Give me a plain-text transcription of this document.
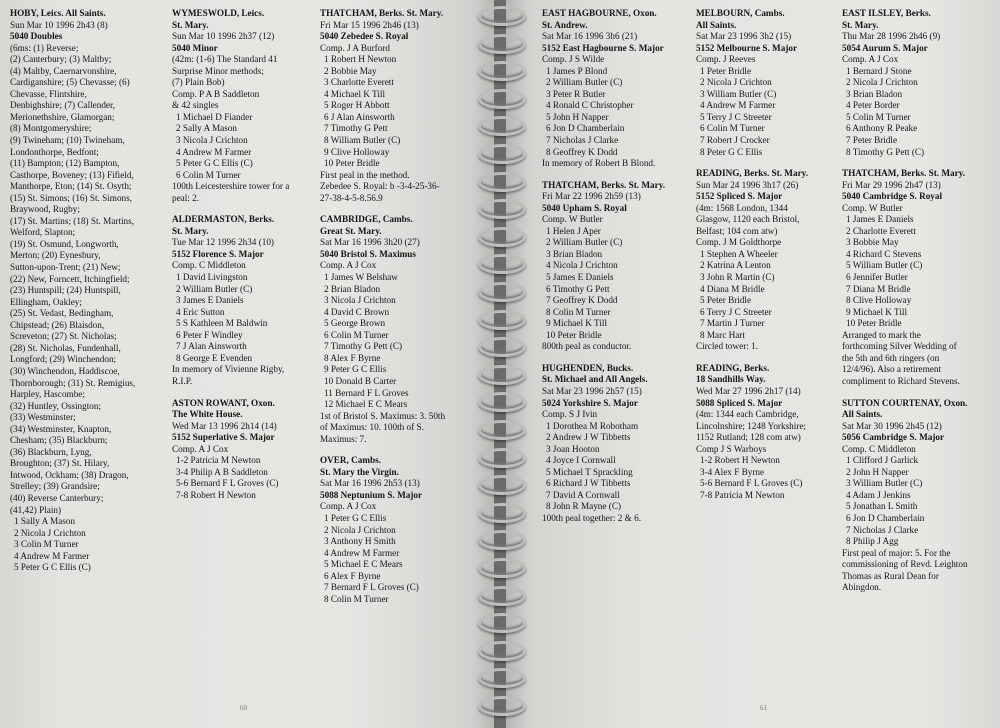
HOBY, Leics. All Saints.
Sun Mar 10 1996 2h43 (8)
5040 Doubles
(6ms: (1) Reverse;
(2) Canterbury; (3) Maltby;
(4) Maltby, Caernarvonshire,
Cardiganshire; (5) Chevasse; (6)
Chevasse, Flintshire,
Denbighshire; (7) Callender,
Merionethshire, Glamorgan;
(8) Montgomeryshire;
(9) Twineham; (10) Twineham,
Londonthorpe, Bedfont;
(11) Bampton; (12) Bampton,
Casthorpe, Boveney; (13) Fifield,
Manthorpe, Eton; (14) St. Osyth;
(15) St. Simons; (16) St. Simons,
Braywood, Rugby;
(17) St. Martins; (18) St. Martins,
Welford, Slapton;
(19) St. Osmund, Longworth,
Merton; (20) Eynesbury,
Sutton-upon-Trent; (21) New;
(22) New, Forncett, Itchingfield;
(23) Huntspill; (24) Huntspill,
Ellingham, Oakley;
(25) St. Vedast, Bedingham,
Chipstead; (26) Blaisdon,
Screveton; (27) St. Nicholas;
(28) St. Nicholas, Fundenhall,
Longford; (29) Winchendon;
(30) Winchendon, Haddiscoe,
Thornborough; (31) St. Remigius,
Harpley, Hascombe;
(32) Huntley, Ossington;
(33) Westminster;
(34) Westminster, Knapton,
Chesham; (35) Blackburn;
(36) Blackburn, Lyng,
Broughton; (37) St. Hilary,
Intwood, Ockham; (38) Dragon,
Strelley; (39) Grandsire;
(40) Reverse Canterbury;
(41,42) Plain)
1 Sally A Mason
2 Nicola J Crichton
3 Colin M Turner
4 Andrew M Farmer
5 Peter G C Ellis (C)
WYMESWOLD, Leics.
St. Mary.
Sun Mar 10 1996 2h37 (12)
5040 Minor
(42m: (1-6) The Standard 41
Surprise Minor methods;
(7) Plain Bob)
Comp. P A B Saddleton
& 42 singles
1 Michael D Fiander
2 Sally A Mason
3 Nicola J Crichton
4 Andrew M Farmer
5 Peter G C Ellis (C)
6 Colin M Turner
100th Leicestershire tower for a
peal: 2.
ALDERMASTON, Berks.
St. Mary.
Tue Mar 12 1996 2h34 (10)
5152 Florence S. Major
Comp. C Middleton
1 David Livingston
2 William Butler (C)
3 James E Daniels
4 Eric Sutton
5 S Kathleen M Baldwin
6 Peter F Windley
7 J Alan Ainsworth
8 George E Evenden
In memory of Vivienne Rigby,
R.I.P.
ASTON ROWANT, Oxon.
The White House.
Wed Mar 13 1996 2h14 (14)
5152 Superlative S. Major
Comp. A J Cox
1-2 Patricia M Newton
3-4 Philip A B Saddleton
5-6 Bernard F L Groves (C)
7-8 Robert H Newton
THATCHAM, Berks. St. Mary.
Fri Mar 15 1996 2h46 (13)
5040 Zebedee S. Royal
Comp. J A Burford
1 Robert H Newton
2 Bobbie May
3 Charlotte Everett
4 Michael K Till
5 Roger H Abbott
6 J Alan Ainsworth
7 Timothy G Pett
8 William Butler (C)
9 Clive Holloway
10 Peter Bridle
First peal in the method.
Zebedee S. Royal: b -3-4-25-36-
27-38-4-5-8.56.9
CAMBRIDGE, Cambs.
Great St. Mary.
Sat Mar 16 1996 3h20 (27)
5040 Bristol S. Maximus
Comp. A J Cox
1 James W Belshaw
2 Brian Bladon
3 Nicola J Crichton
4 David C Brown
5 George Brown
6 Colin M Turner
7 Timothy G Pett (C)
8 Alex F Byrne
9 Peter G C Ellis
10 Donald B Carter
11 Bernard F L Groves
12 Michael E C Mears
1st of Bristol S. Maximus: 3. 50th
of Maximus: 10. 100th of S.
Maximus: 7.
OVER, Cambs.
St. Mary the Virgin.
Sat Mar 16 1996 2h53 (13)
5088 Neptunium S. Major
Comp. A J Cox
1 Peter G C Ellis
2 Nicola J Crichton
3 Anthony H Smith
4 Andrew M Farmer
5 Michael E C Mears
6 Alex F Byrne
7 Bernard F L Groves (C)
8 Colin M Turner
60
EAST HAGBOURNE, Oxon.
St. Andrew.
Sat Mar 16 1996 3h6 (21)
5152 East Hagbourne S. Major
Comp. J S Wilde
1 James P Blond
2 William Butler (C)
3 Peter R Butler
4 Ronald C Christopher
5 John H Napper
6 Jon D Chamberlain
7 Nicholas J Clarke
8 Geoffrey K Dodd
In memory of Robert B Blond.
THATCHAM, Berks. St. Mary.
Fri Mar 22 1996 2h59 (13)
5040 Upham S. Royal
Comp. W Butler
1 Helen J Aper
2 William Butler (C)
3 Brian Bladon
4 Nicola J Crichton
5 James E Daniels
6 Timothy G Pett
7 Geoffrey K Dodd
8 Colin M Turner
9 Michael K Till
10 Peter Bridle
800th peal as conductor.
HUGHENDEN, Bucks.
St. Michael and All Angels.
Sat Mar 23 1996 2h57 (15)
5024 Yorkshire S. Major
Comp. S J Ivin
1 Dorothea M Robotham
2 Andrew J W Tibbetts
3 Joan Hooton
4 Joyce I Cornwall
5 Michael T Sprackling
6 Richard J W Tibbetts
7 David A Cornwall
8 John R Mayne (C)
100th peal together: 2 & 6.
MELBOURN, Cambs.
All Saints.
Sat Mar 23 1996 3h2 (15)
5152 Melbourne S. Major
Comp. J Reeves
1 Peter Bridle
2 Nicola J Crichton
3 William Butler (C)
4 Andrew M Farmer
5 Terry J C Streeter
6 Colin M Turner
7 Robert J Crocker
8 Peter G C Ellis
READING, Berks. St. Mary.
Sun Mar 24 1996 3h17 (26)
5152 Spliced S. Major
(4m: 1568 London, 1344
Glasgow, 1120 each Bristol,
Belfast; 104 com atw)
Comp. J M Goldthorpe
1 Stephen A Wheeler
2 Katrina A Lenton
3 John R Martin (C)
4 Diana M Bridle
5 Peter Bridle
6 Terry J C Streeter
7 Martin J Turner
8 Marc Hart
Circled tower: 1.
READING, Berks.
18 Sandhills Way.
Wed Mar 27 1996 2h17 (14)
5088 Spliced S. Major
(4m: 1344 each Cambridge,
Lincolnshire; 1248 Yorkshire;
1152 Rutland; 128 com atw)
Comp J S Warboys
1-2 Robert H Newton
3-4 Alex F Byrne
5-6 Bernard F L Groves (C)
7-8 Patricia M Newton
EAST ILSLEY, Berks.
St. Mary.
Thu Mar 28 1996 2h46 (9)
5054 Aurum S. Major
Comp. A J Cox
1 Bernard J Stone
2 Nicola J Crichton
3 Brian Bladon
4 Peter Border
5 Colin M Turner
6 Anthony R Peake
7 Peter Bridle
8 Timothy G Pett (C)
THATCHAM, Berks. St. Mary.
Fri Mar 29 1996 2h47 (13)
5040 Cambridge S. Royal
Comp. W Butler
1 James E Daniels
2 Charlotte Everett
3 Bobbie May
4 Richard C Stevens
5 William Butler (C)
6 Jennifer Butler
7 Diana M Bridle
8 Clive Holloway
9 Michael K Till
10 Peter Bridle
Arranged to mark the
forthcoming Silver Wedding of
the 5th and 6th ringers (on
12/4/96). Also a retirement
compliment to Richard Stevens.
SUTTON COURTENAY, Oxon.
All Saints.
Sat Mar 30 1996 2h45 (12)
5056 Cambridge S. Major
Comp. C Middleton
1 Clifford J Garlick
2 John H Napper
3 William Butler (C)
4 Adam J Jenkins
5 Jonathan L Smith
6 Jon D Chamberlain
7 Nicholas J Clarke
8 Philip J Agg
First peal of major: 5. For the
commissioning of Revd. Leighton
Thomas as Rural Dean for
Abingdon.
61
